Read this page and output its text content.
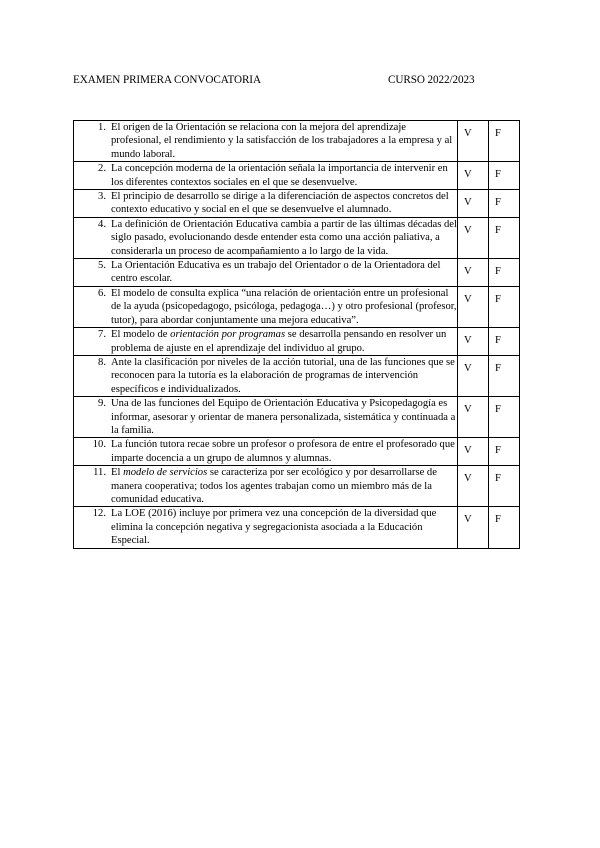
EXAMEN PRIMERA CONVOCATORIA	CURSO 2022/2023
1. El origen de la Orientación se relaciona con la mejora del aprendizaje profesional, el rendimiento y la satisfacción de los trabajadores a la empresa y al mundo laboral.	V	F

2. La concepción moderna de la orientación señala la importancia de intervenir en los diferentes contextos sociales en el que se desenvuelve.	V	F

3. El principio de desarrollo se dirige a la diferenciación de aspectos concretos del contexto educativo y social en el que se desenvuelve el alumnado.	V	F

4. La definición de Orientación Educativa cambia a partir de las últimas décadas del siglo pasado, evolucionando desde entender esta como una acción paliativa, a considerarla un proceso de acompañamiento a lo largo de la vida.	V	F

5. La Orientación Educativa es un trabajo del Orientador o de la Orientadora del centro escolar.	V	F

6. El modelo de consulta explica “una relación de orientación entre un profesional de la ayuda (psicopedagogo, psicóloga, pedagoga…) y otro profesional (profesor, tutor), para abordar conjuntamente una mejora educativa”.	V	F

7. El modelo de orientación por programas se desarrolla pensando en resolver un problema de ajuste en el aprendizaje del individuo al grupo.	V	F

8. Ante la clasificación por niveles de la acción tutorial, una de las funciones que se reconocen para la tutoría es la elaboración de programas de intervención específicos e individualizados.	V	F

9. Una de las funciones del Equipo de Orientación Educativa y Psicopedagogía es informar, asesorar y orientar de manera personalizada, sistemática y continuada a la familia.	V	F

10. La función tutora recae sobre un profesor o profesora de entre el profesorado que imparte docencia a un grupo de alumnos y alumnas.	V	F

11. El modelo de servicios se caracteriza por ser ecológico y por desarrollarse de manera cooperativa; todos los agentes trabajan como un miembro más de la comunidad educativa.	V	F

12. La LOE (2016) incluye por primera vez una concepción de la diversidad que elimina la concepción negativa y segregacionista asociada a la Educación Especial.	V	F
